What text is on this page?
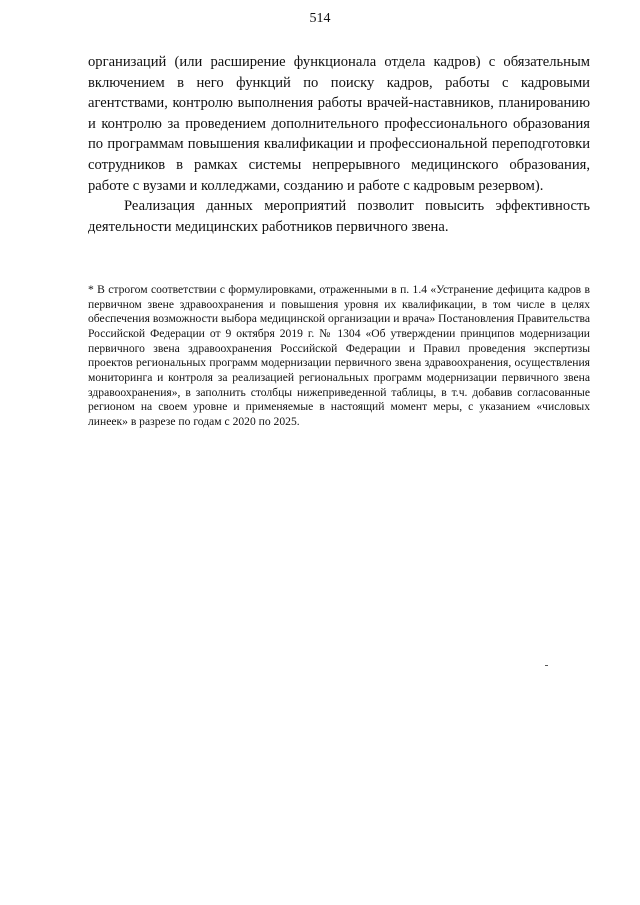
514

организаций (или расширение функционала отдела кадров) с обязательным включением в него функций по поиску кадров, работы с кадровыми агентствами, контролю выполнения работы врачей-наставников, планированию и контролю за проведением дополнительного профессионального образования по программам повышения квалификации и профессиональной переподготовки сотрудников в рамках системы непрерывного медицинского образования, работе с вузами и колледжами, созданию и работе с кадровым резервом).

Реализация данных мероприятий позволит повысить эффективность деятельности медицинских работников первичного звена.

* В строгом соответствии с формулировками, отраженными в п. 1.4 «Устранение дефицита кадров в первичном звене здравоохранения и повышения уровня их квалификации, в том числе в целях обеспечения возможности выбора медицинской организации и врача» Постановления Правительства Российской Федерации от 9 октября 2019 г. № 1304 «Об утверждении принципов модернизации первичного звена здравоохранения Российской Федерации и Правил проведения экспертизы проектов региональных программ модернизации первичного звена здравоохранения, осуществления мониторинга и контроля за реализацией региональных программ модернизации первичного звена здравоохранения», в заполнить столбцы нижеприведенной таблицы, в т.ч. добавив согласованные регионом на своем уровне и применяемые в настоящий момент меры, с указанием «числовых линеек» в разрезе по годам с 2020 по 2025.
